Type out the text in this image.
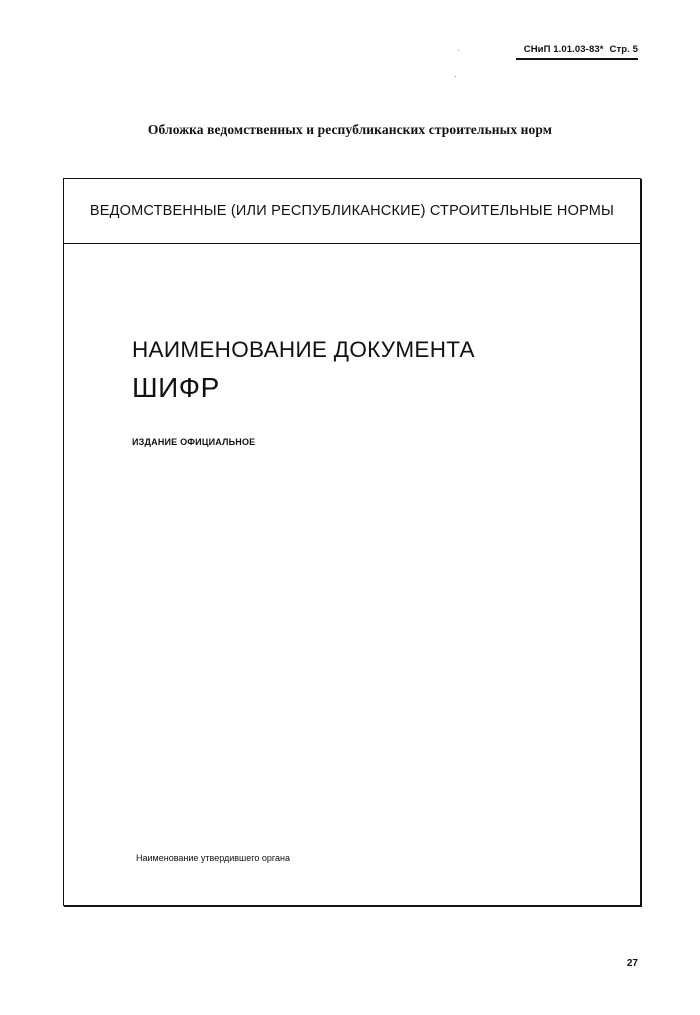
СНиП 1.01.03-83* Стр. 5
Обложка ведомственных и республиканских строительных норм
ВЕДОМСТВЕННЫЕ (ИЛИ РЕСПУБЛИКАНСКИЕ) СТРОИТЕЛЬНЫЕ НОРМЫ
НАИМЕНОВАНИЕ ДОКУМЕНТА
ШИФР
ИЗДАНИЕ ОФИЦИАЛЬНОЕ
Наименование утвердившего органа
27
